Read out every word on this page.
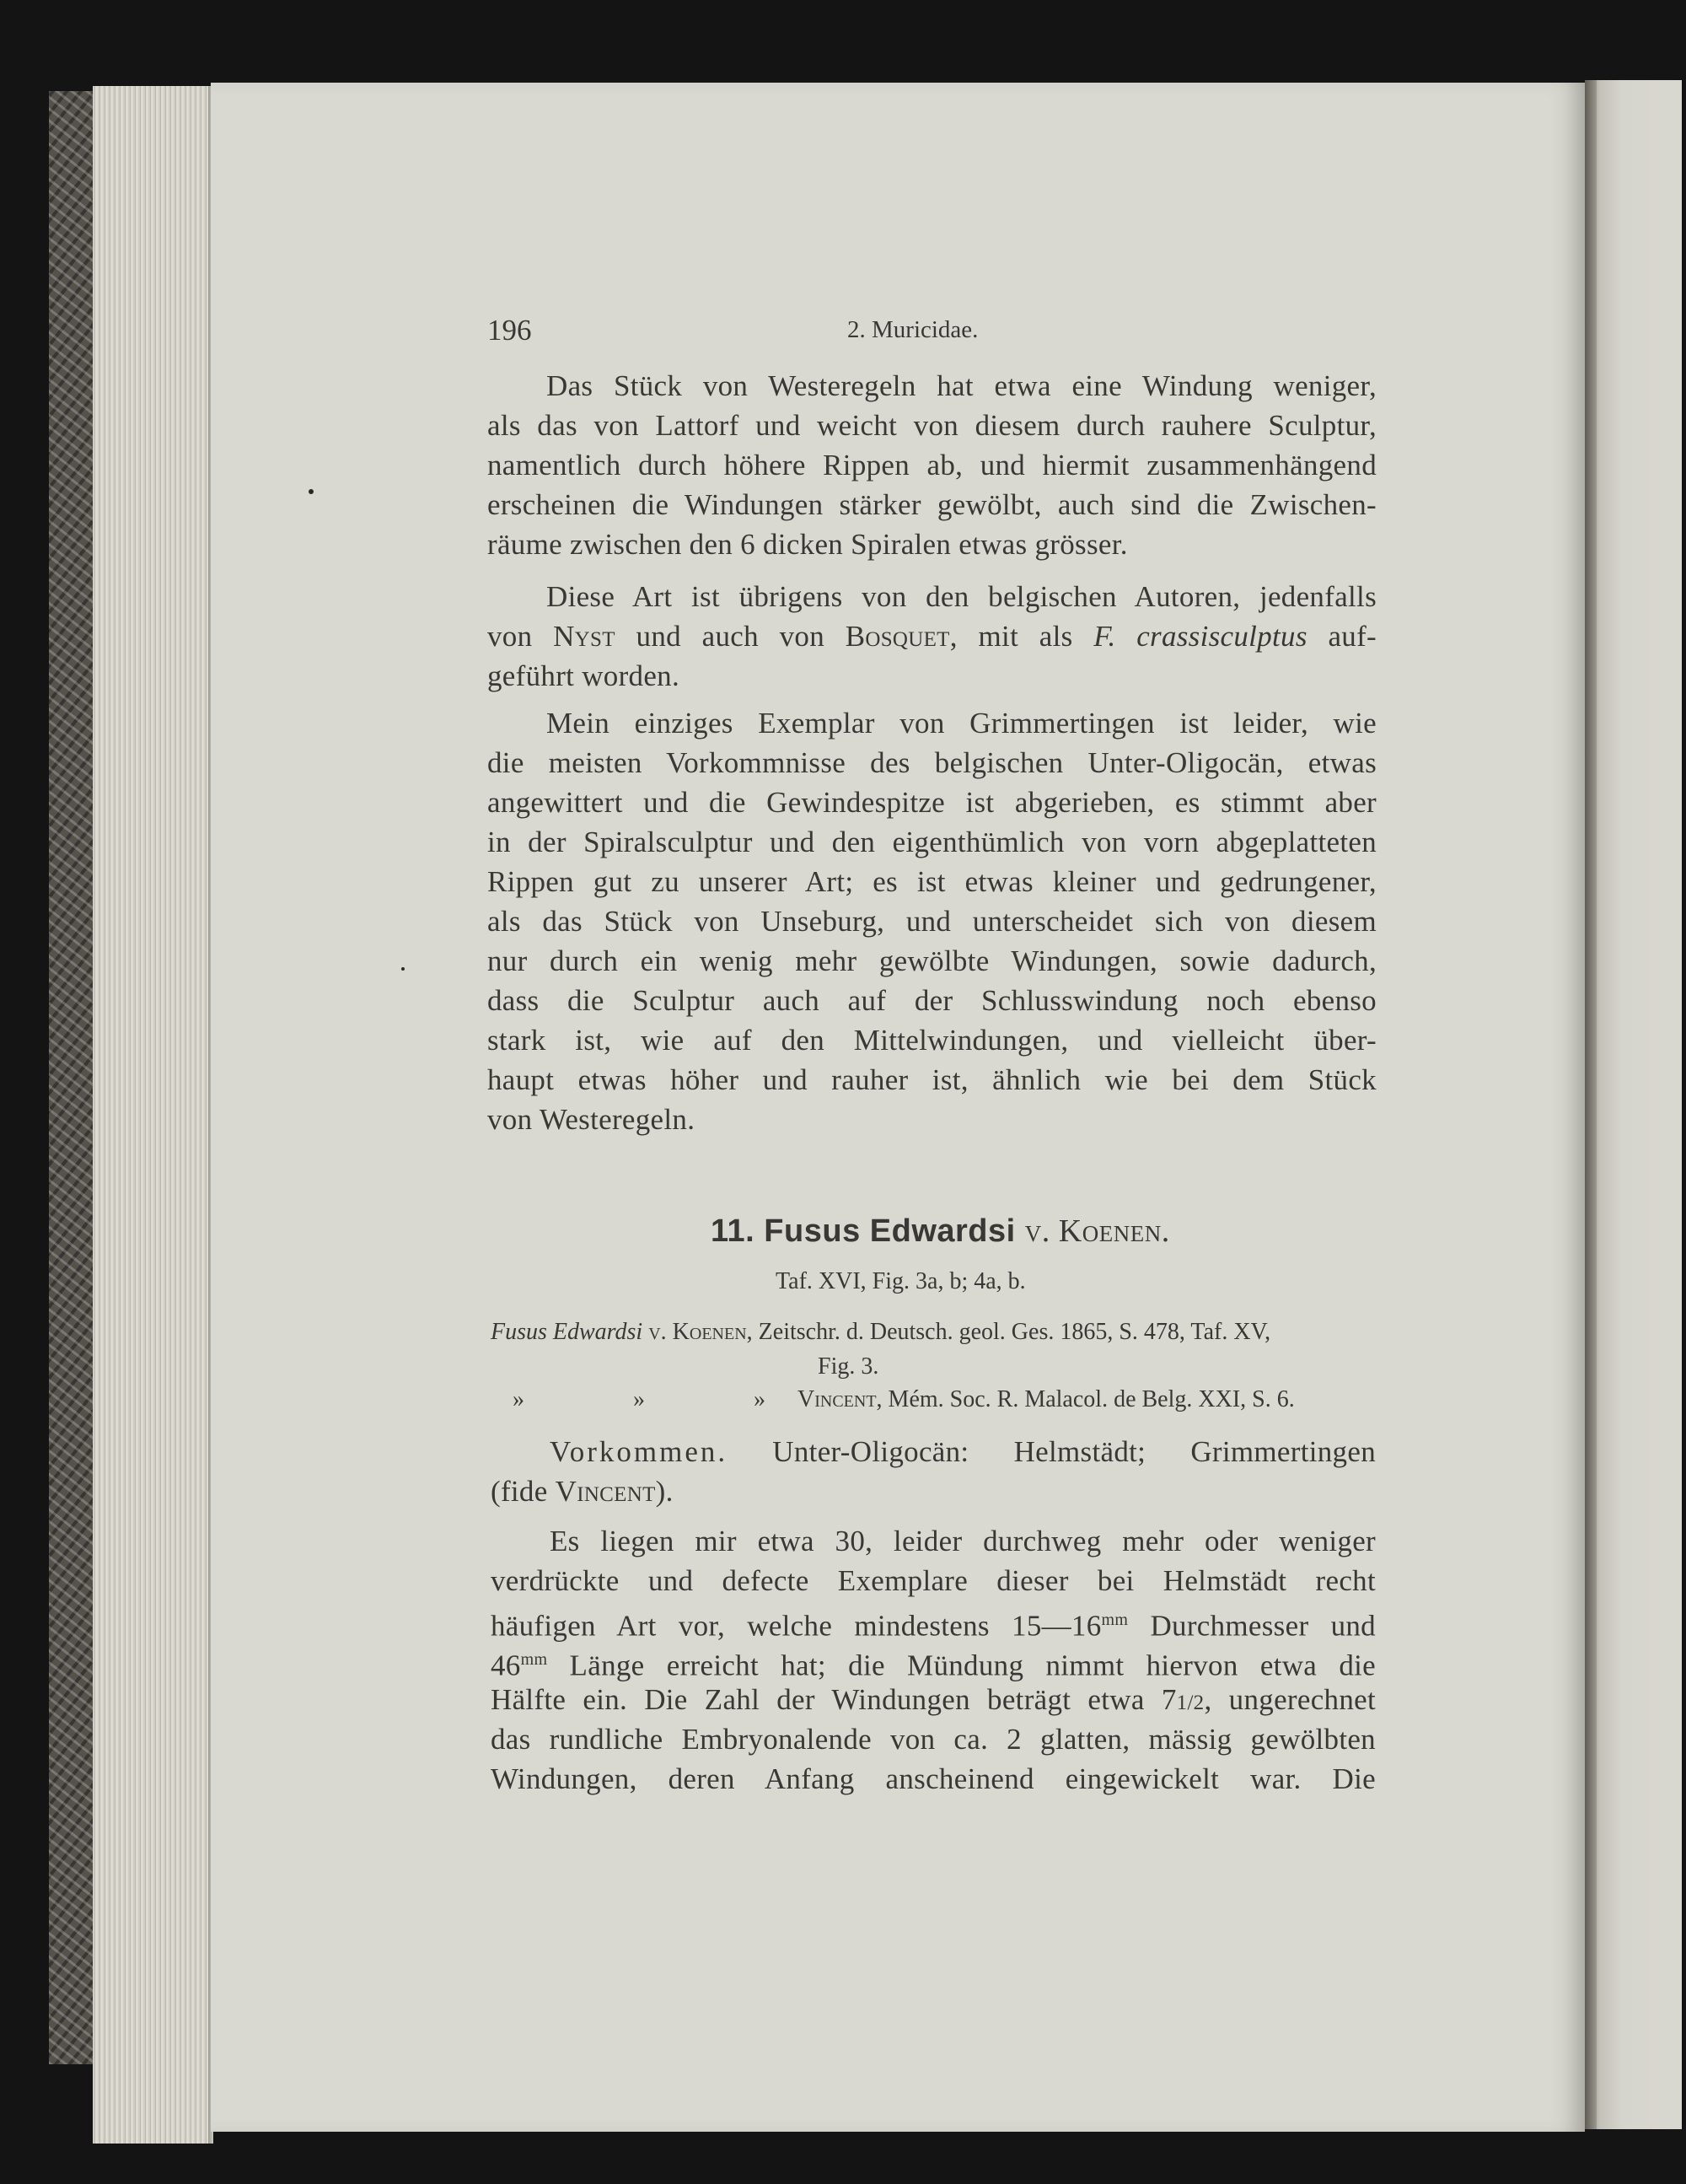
196	2. Muricidae.
Das Stück von Westeregeln hat etwa eine Windung weniger,
als das von Lattorf und weicht von diesem durch rauhere Sculptur,
namentlich durch höhere Rippen ab, und hiermit zusammenhängend
erscheinen die Windungen stärker gewölbt, auch sind die Zwischen-
räume zwischen den 6 dicken Spiralen etwas grösser.
Diese Art ist übrigens von den belgischen Autoren, jedenfalls
von Nyst und auch von Bosquet, mit als F. crassisculptus auf-
geführt worden.
Mein einziges Exemplar von Grimmertingen ist leider, wie
die meisten Vorkommnisse des belgischen Unter-Oligocän, etwas
angewittert und die Gewindespitze ist abgerieben, es stimmt aber
in der Spiralsculptur und den eigenthümlich von vorn abgeplatteten
Rippen gut zu unserer Art; es ist etwas kleiner und gedrungener,
als das Stück von Unseburg, und unterscheidet sich von diesem
nur durch ein wenig mehr gewölbte Windungen, sowie dadurch,
dass die Sculptur auch auf der Schlusswindung noch ebenso
stark ist, wie auf den Mittelwindungen, und vielleicht über-
haupt etwas höher und rauher ist, ähnlich wie bei dem Stück
von Westeregeln.
11. Fusus Edwardsi v. Koenen.
Taf. XVI, Fig. 3a, b; 4a, b.
Fusus Edwardsi v. Koenen, Zeitschr. d. Deutsch. geol. Ges. 1865, S. 478, Taf. XV,
Fig. 3.
»	»	» Vincent, Mém. Soc. R. Malacol. de Belg. XXI, S. 6.
Vorkommen. Unter-Oligocän: Helmstädt; Grimmertingen
(fide Vincent).
Es liegen mir etwa 30, leider durchweg mehr oder weniger
verdrückte und defecte Exemplare dieser bei Helmstädt recht
häufigen Art vor, welche mindestens $15—16^{mm}$ Durchmesser und
$46^{mm}$ Länge erreicht hat; die Mündung nimmt hiervon etwa die
Hälfte ein. Die Zahl der Windungen beträgt etwa 71/2, ungerechnet
das rundliche Embryonalende von ca. 2 glatten, mässig gewölbten
Windungen, deren Anfang anscheinend eingewickelt war. Die
